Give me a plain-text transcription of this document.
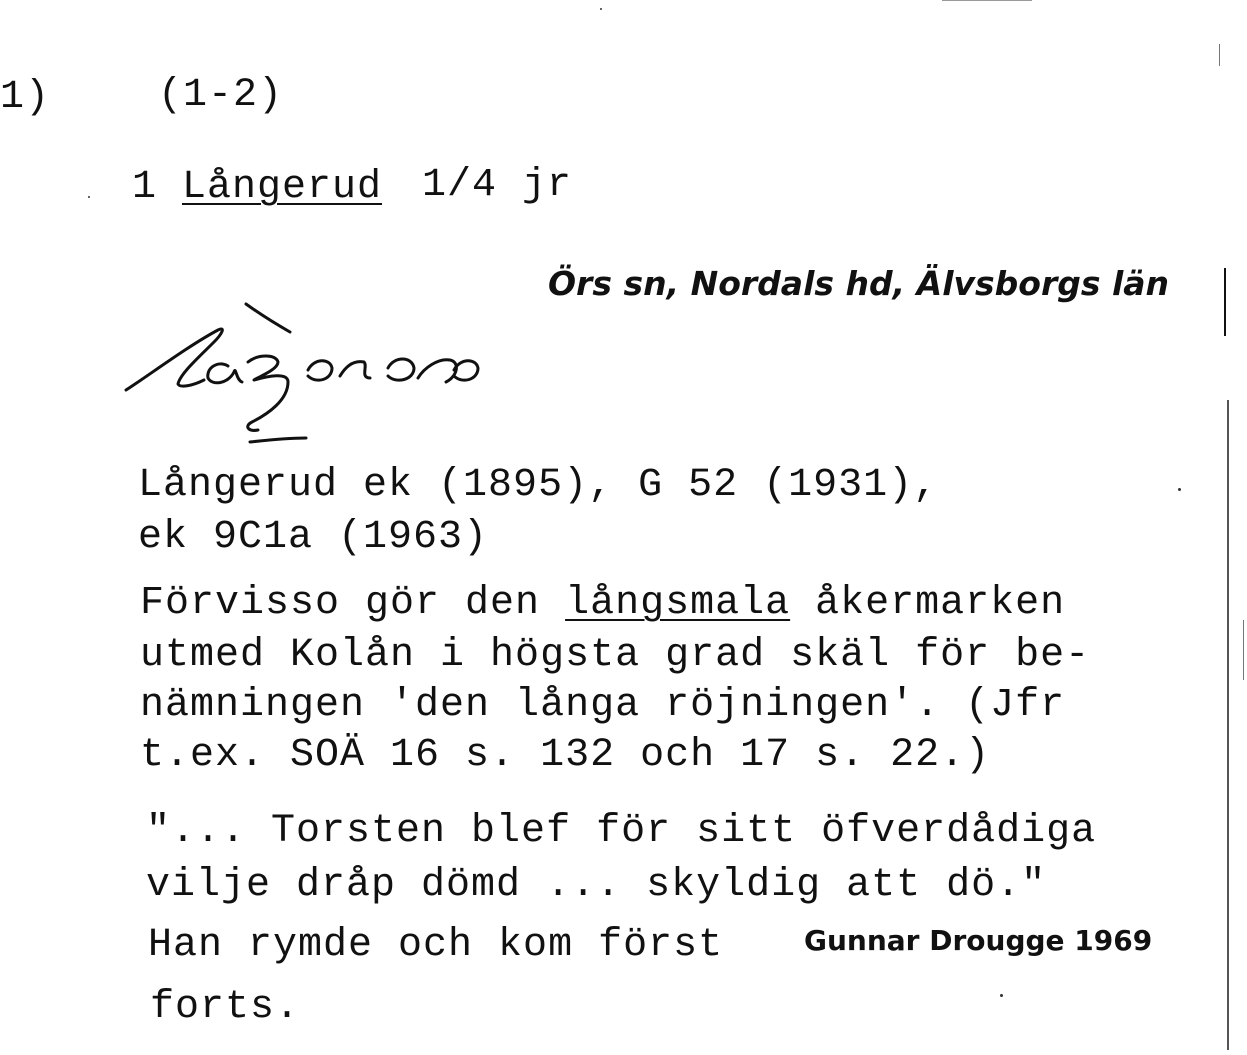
1)	(1-2)
1 Långerud 1/4 jr
Örs sn, Nordals hd, Älvsborgs län
Långerud ek (1895), G 52 (1931),
ek 9C1a (1963)
Förvisso gör den långsmala åkermarken
utmed Kolån i högsta grad skäl för be-
nämningen 'den långa röjningen'. (Jfr
t.ex. SOÄ 16 s. 132 och 17 s. 22.)
"... Torsten blef för sitt öfverdådiga
vilje dråp dömd ... skyldig att dö."
Han rymde och kom först	Gunnar Drougge 1969
forts.
